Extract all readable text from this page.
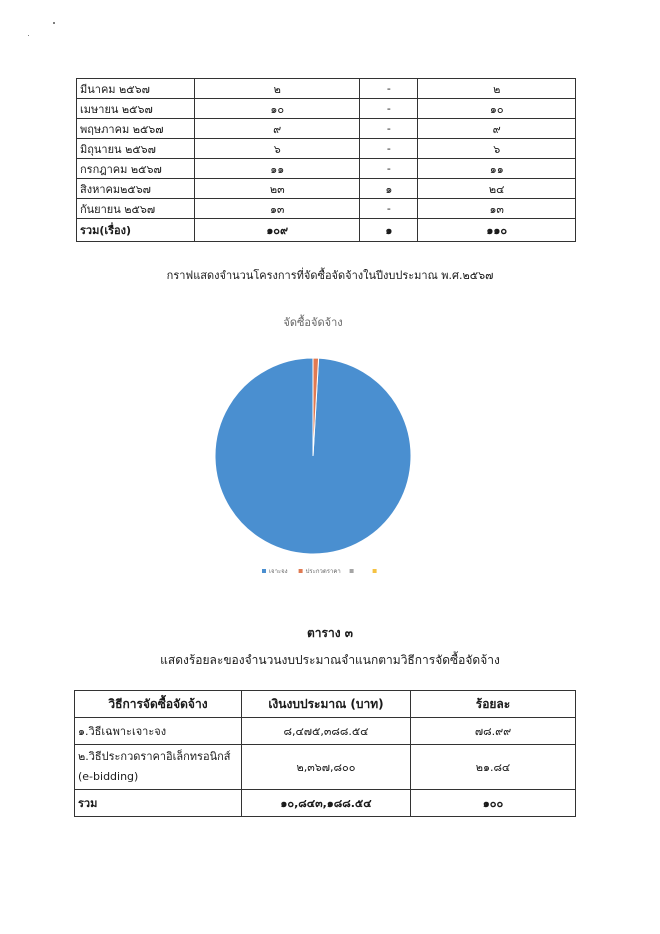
มีนาคม ๒๕๖๗	๒	-	๒
เมษายน ๒๕๖๗	๑๐	-	๑๐
พฤษภาคม ๒๕๖๗	๙	-	๙
มิถุนายน ๒๕๖๗	๖	-	๖
กรกฎาคม ๒๕๖๗	๑๑	-	๑๑
สิงหาคม๒๕๖๗	๒๓	๑	๒๔
กันยายน ๒๕๖๗	๑๓	-	๑๓
รวม(เรื่อง)	๑๐๙	๑	๑๑๐
กราฟแสดงจำนวนโครงการที่จัดซื้อจัดจ้างในปีงบประมาณ พ.ศ.๒๕๖๗
จัดซื้อจัดจ้าง
เจาะจง	ประกวดราคา
ตาราง ๓
แสดงร้อยละของจำนวนงบประมาณจำแนกตามวิธีการจัดซื้อจัดจ้าง
วิธีการจัดซื้อจัดจ้าง	เงินงบประมาณ (บาท)	ร้อยละ
๑.วิธีเฉพาะเจาะจง	๘,๔๗๕,๓๘๘.๕๔	๗๘.๙๙

๒.วิธีประกวดราคาอิเล็กทรอนิกส์
(e-bidding)	๒,๓๖๗,๘๐๐	๒๑.๘๔
รวม	๑๐,๘๔๓,๑๘๘.๕๔	๑๐๐
